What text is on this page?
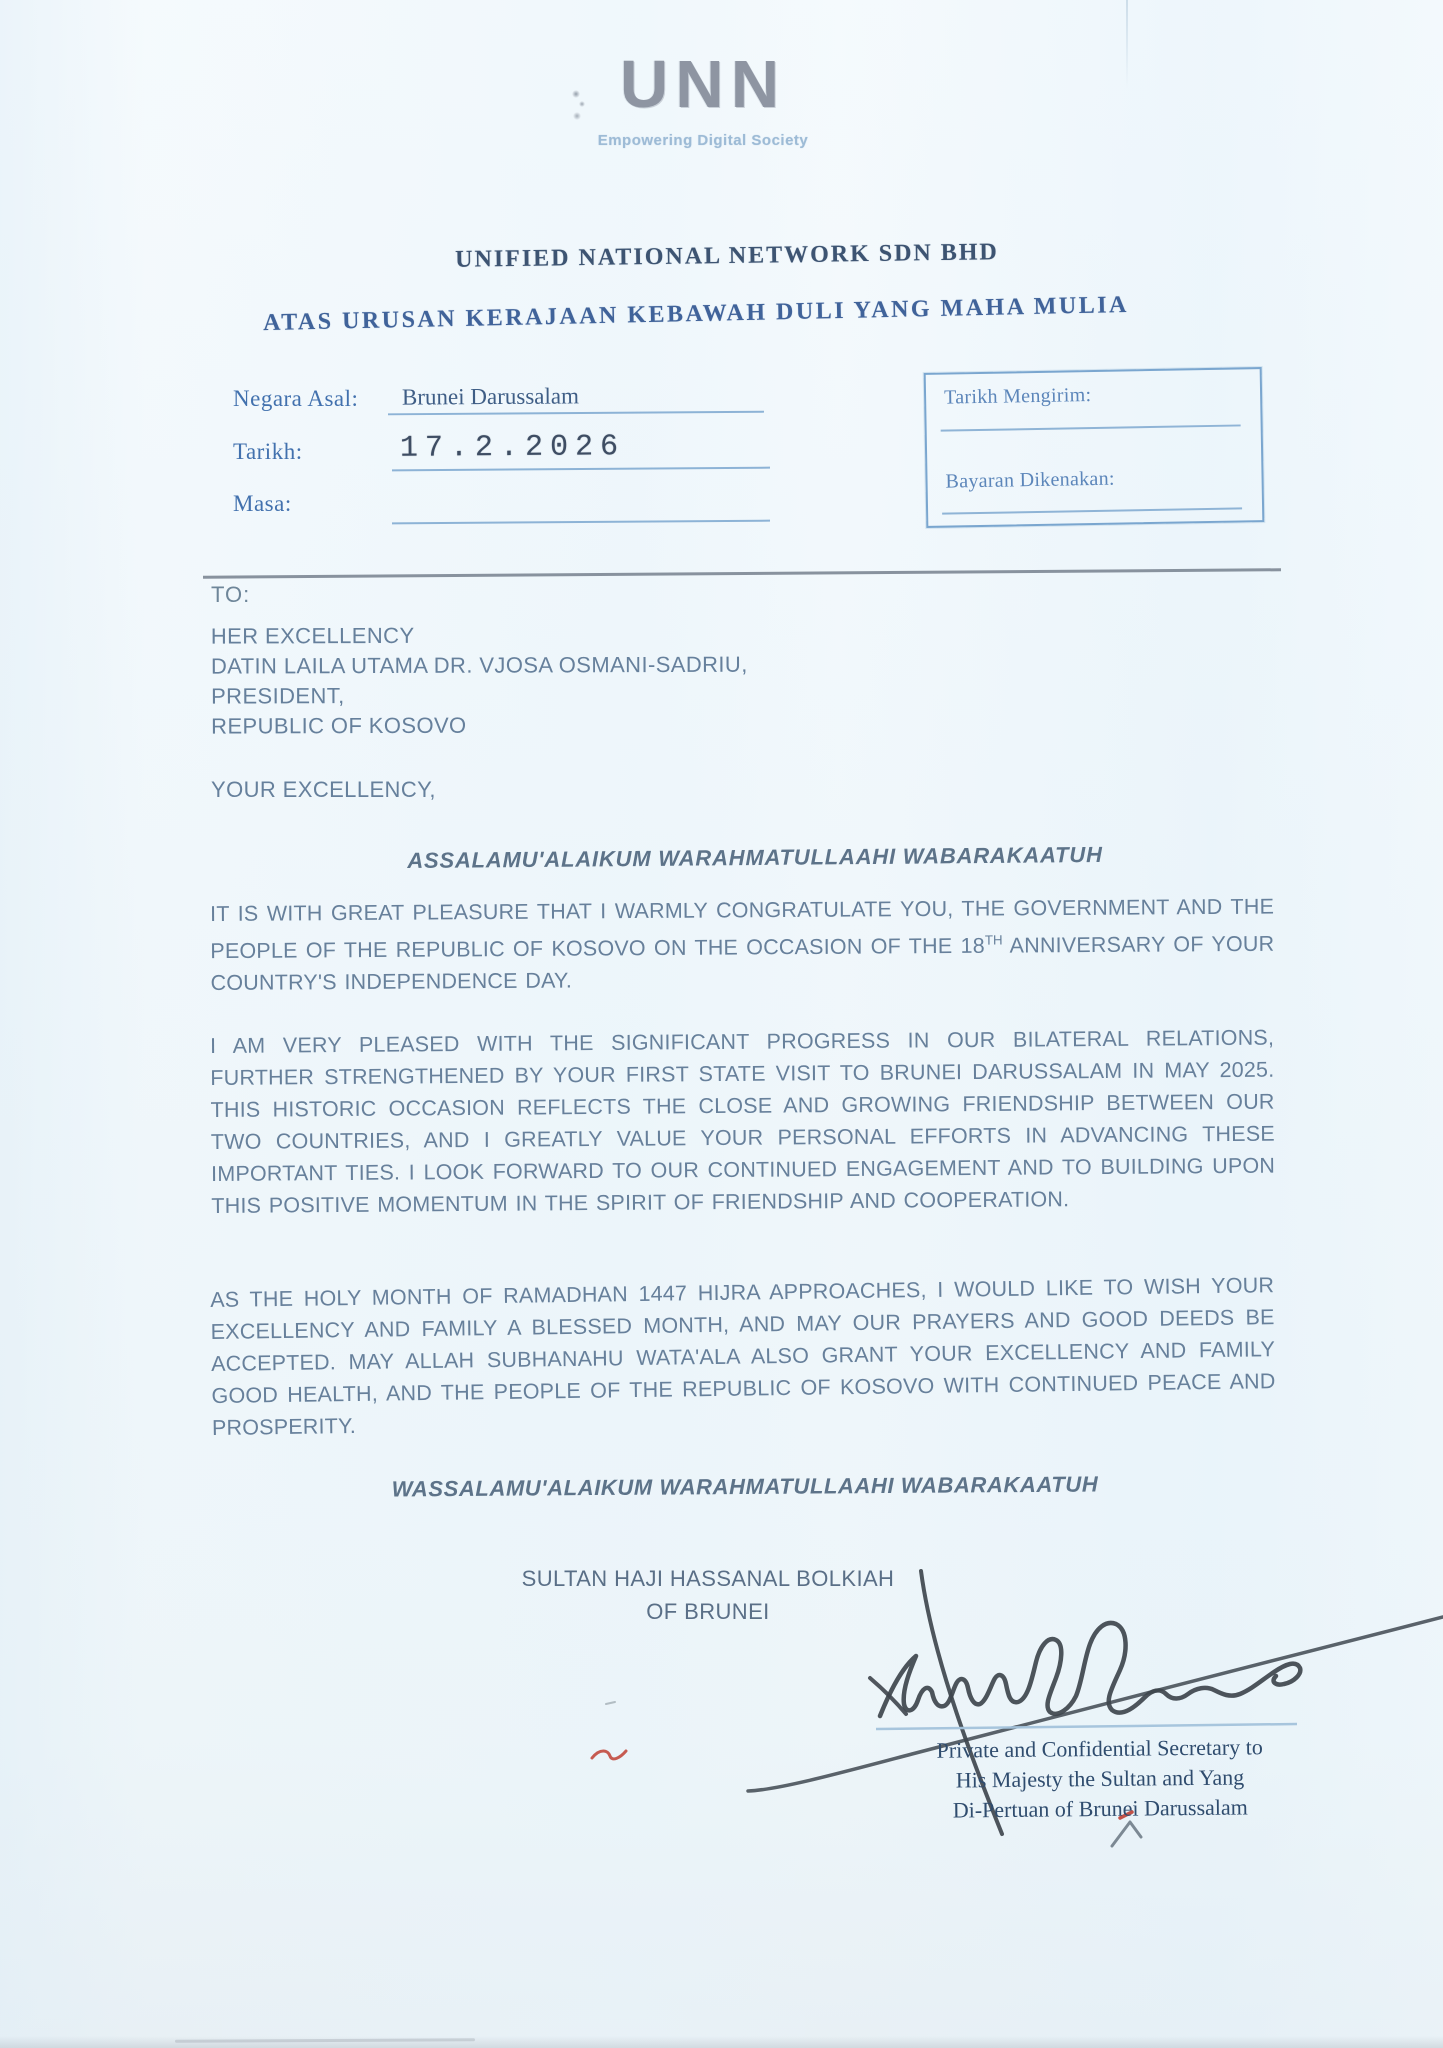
UNN
Empowering Digital Society
UNIFIED NATIONAL NETWORK SDN BHD
ATAS URUSAN KERAJAAN KEBAWAH DULI YANG MAHA MULIA
Negara Asal: Brunei Darussalam
Tarikh:	17.2.2026
Masa:
Tarikh Mengirim:
Bayaran Dikenakan:
TO:
HER EXCELLENCY
DATIN LAILA UTAMA DR. VJOSA OSMANI-SADRIU,
PRESIDENT,
REPUBLIC OF KOSOVO
YOUR EXCELLENCY,
ASSALAMU'ALAIKUM WARAHMATULLAAHI WABARAKAATUH
IT IS WITH GREAT PLEASURE THAT I WARMLY CONGRATULATE YOU, THE GOVERNMENT AND THE PEOPLE OF THE REPUBLIC OF KOSOVO ON THE OCCASION OF THE 18TH ANNIVERSARY OF YOUR COUNTRY'S INDEPENDENCE DAY.
I AM VERY PLEASED WITH THE SIGNIFICANT PROGRESS IN OUR BILATERAL RELATIONS, FURTHER STRENGTHENED BY YOUR FIRST STATE VISIT TO BRUNEI DARUSSALAM IN MAY 2025. THIS HISTORIC OCCASION REFLECTS THE CLOSE AND GROWING FRIENDSHIP BETWEEN OUR TWO COUNTRIES, AND I GREATLY VALUE YOUR PERSONAL EFFORTS IN ADVANCING THESE IMPORTANT TIES. I LOOK FORWARD TO OUR CONTINUED ENGAGEMENT AND TO BUILDING UPON THIS POSITIVE MOMENTUM IN THE SPIRIT OF FRIENDSHIP AND COOPERATION.
AS THE HOLY MONTH OF RAMADHAN 1447 HIJRA APPROACHES, I WOULD LIKE TO WISH YOUR EXCELLENCY AND FAMILY A BLESSED MONTH, AND MAY OUR PRAYERS AND GOOD DEEDS BE ACCEPTED. MAY ALLAH SUBHANAHU WATA'ALA ALSO GRANT YOUR EXCELLENCY AND FAMILY GOOD HEALTH, AND THE PEOPLE OF THE REPUBLIC OF KOSOVO WITH CONTINUED PEACE AND PROSPERITY.
WASSALAMU'ALAIKUM WARAHMATULLAAHI WABARAKAATUH
SULTAN HAJI HASSANAL BOLKIAH
OF BRUNEI
Private and Confidential Secretary to
His Majesty the Sultan and Yang
Di-Pertuan of Brunei Darussalam
